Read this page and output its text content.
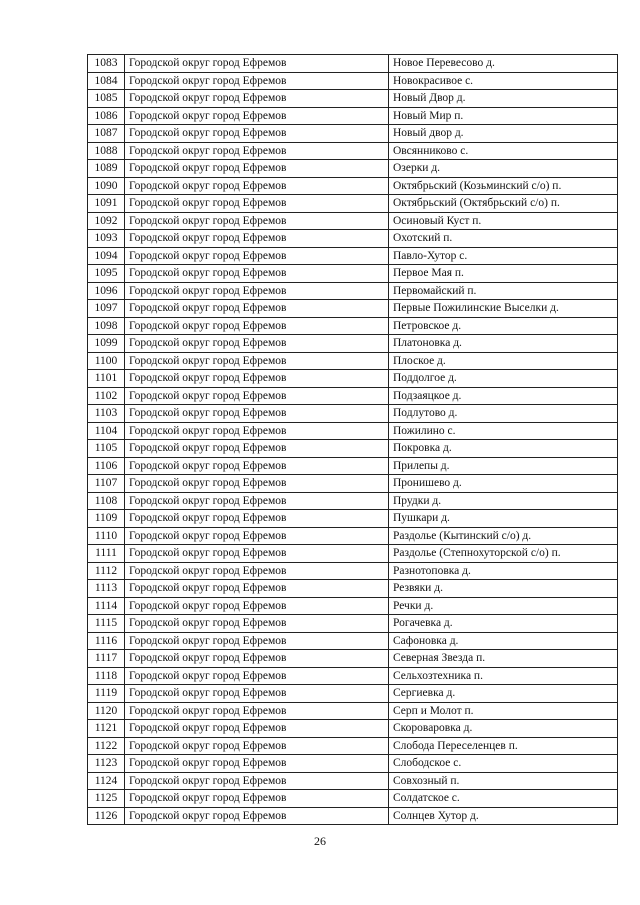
1083	Городской округ город Ефремов	Новое Перевесово д.
1084	Городской округ город Ефремов	Новокрасивое с.
1085	Городской округ город Ефремов	Новый Двор д.
1086	Городской округ город Ефремов	Новый Мир п.
1087	Городской округ город Ефремов	Новый двор д.
1088	Городской округ город Ефремов	Овсянниково с.
1089	Городской округ город Ефремов	Озерки д.
1090	Городской округ город Ефремов	Октябрьский (Козьминский с/о) п.
1091	Городской округ город Ефремов	Октябрьский (Октябрьский с/о) п.
1092	Городской округ город Ефремов	Осиновый Куст п.
1093	Городской округ город Ефремов	Охотский п.
1094	Городской округ город Ефремов	Павло-Хутор с.
1095	Городской округ город Ефремов	Первое Мая п.
1096	Городской округ город Ефремов	Первомайский п.
1097	Городской округ город Ефремов	Первые Пожилинские Выселки д.
1098	Городской округ город Ефремов	Петровское д.
1099	Городской округ город Ефремов	Платоновка д.
1100	Городской округ город Ефремов	Плоское д.
1101	Городской округ город Ефремов	Поддолгое д.
1102	Городской округ город Ефремов	Подзаяцкое д.
1103	Городской округ город Ефремов	Подлутово д.
1104	Городской округ город Ефремов	Пожилино с.
1105	Городской округ город Ефремов	Покровка д.
1106	Городской округ город Ефремов	Прилепы д.
1107	Городской округ город Ефремов	Пронишево д.
1108	Городской округ город Ефремов	Прудки д.
1109	Городской округ город Ефремов	Пушкари д.
1110	Городской округ город Ефремов	Раздолье (Кытинский с/о) д.
1111	Городской округ город Ефремов	Раздолье (Степнохуторской с/о) п.
1112	Городской округ город Ефремов	Разнотоповка д.
1113	Городской округ город Ефремов	Резвяки д.
1114	Городской округ город Ефремов	Речки д.
1115	Городской округ город Ефремов	Рогачевка д.
1116	Городской округ город Ефремов	Сафоновка д.
1117	Городской округ город Ефремов	Северная Звезда п.
1118	Городской округ город Ефремов	Сельхозтехника п.
1119	Городской округ город Ефремов	Сергиевка д.
1120	Городской округ город Ефремов	Серп и Молот п.
1121	Городской округ город Ефремов	Скороваровка д.
1122	Городской округ город Ефремов	Слобода Переселенцев п.
1123	Городской округ город Ефремов	Слободское с.
1124	Городской округ город Ефремов	Совхозный п.
1125	Городской округ город Ефремов	Солдатское с.
1126	Городской округ город Ефремов	Солнцев Хутор д.
26
